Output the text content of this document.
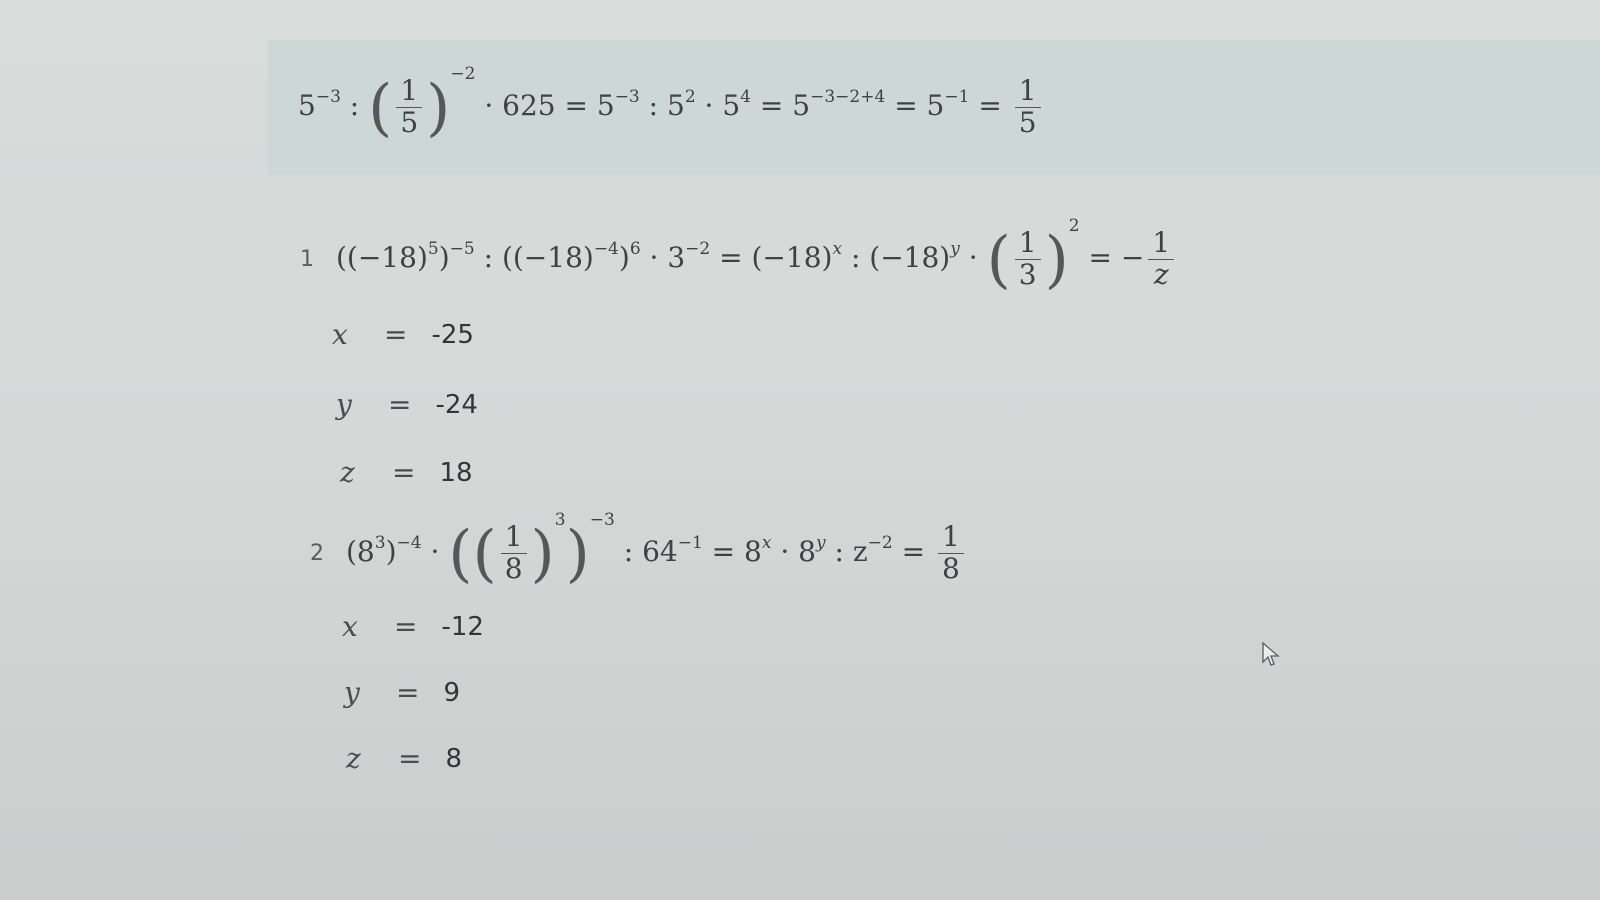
$5^{-3}$ : ( $\frac{1}{5} )-2 \cdot 625 = 5^{-3}$ : $5^2 \cdot 5^4 = 5^{-3-2+4} = 5^{-1} = \frac{1}{5}$
1 $((-18)^5)^{-5}$ : $((-18)^{-4})^6 \cdot 3^{-2} = (-18)^x$ : $(-18)^y$ · ( $\frac{1}{3} )2$ = − $\frac{1}{z}$
x	= -25
y	= -24
z	= 18
2 $(8^3)^{-4}$ · (( $\frac{1}{8} )3)-3$ : $64^{-1} = 8^x \cdot 8^y$ : $z^{-2} = \frac{1}{8}$
x	= -12
y	= 9
z	= 8
